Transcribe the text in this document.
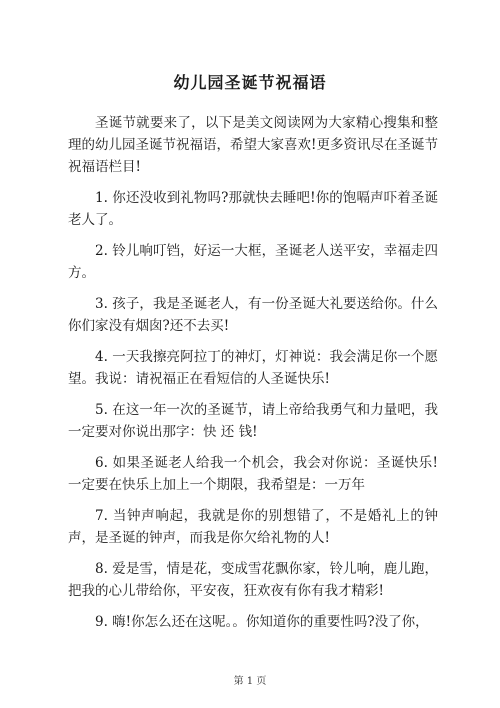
幼儿园圣诞节祝福语

圣诞节就要来了，以下是美文阅读网为大家精心搜集和整理的幼儿园圣诞节祝福语，希望大家喜欢!更多资讯尽在圣诞节祝福语栏目!

1. 你还没收到礼物吗?那就快去睡吧!你的饱嗝声吓着圣诞老人了。

2. 铃儿响叮铛，好运一大框，圣诞老人送平安，幸福走四方。

3. 孩子，我是圣诞老人，有一份圣诞大礼要送给你。什么你们家没有烟囱?还不去买!

4. 一天我擦亮阿拉丁的神灯，灯神说：我会满足你一个愿望。我说：请祝福正在看短信的人圣诞快乐!

5. 在这一年一次的圣诞节，请上帝给我勇气和力量吧，我一定要对你说出那字：快 还 钱!

6. 如果圣诞老人给我一个机会，我会对你说：圣诞快乐!一定要在快乐上加上一个期限，我希望是：一万年

7. 当钟声响起，我就是你的别想错了，不是婚礼上的钟声，是圣诞的钟声，而我是你欠给礼物的人!

8. 爱是雪，情是花，变成雪花飘你家，铃儿响，鹿儿跑，把我的心儿带给你，平安夜，狂欢夜有你有我才精彩!

9. 嗨!你怎么还在这呢。。你知道你的重要性吗?没了你，

第 1 页
